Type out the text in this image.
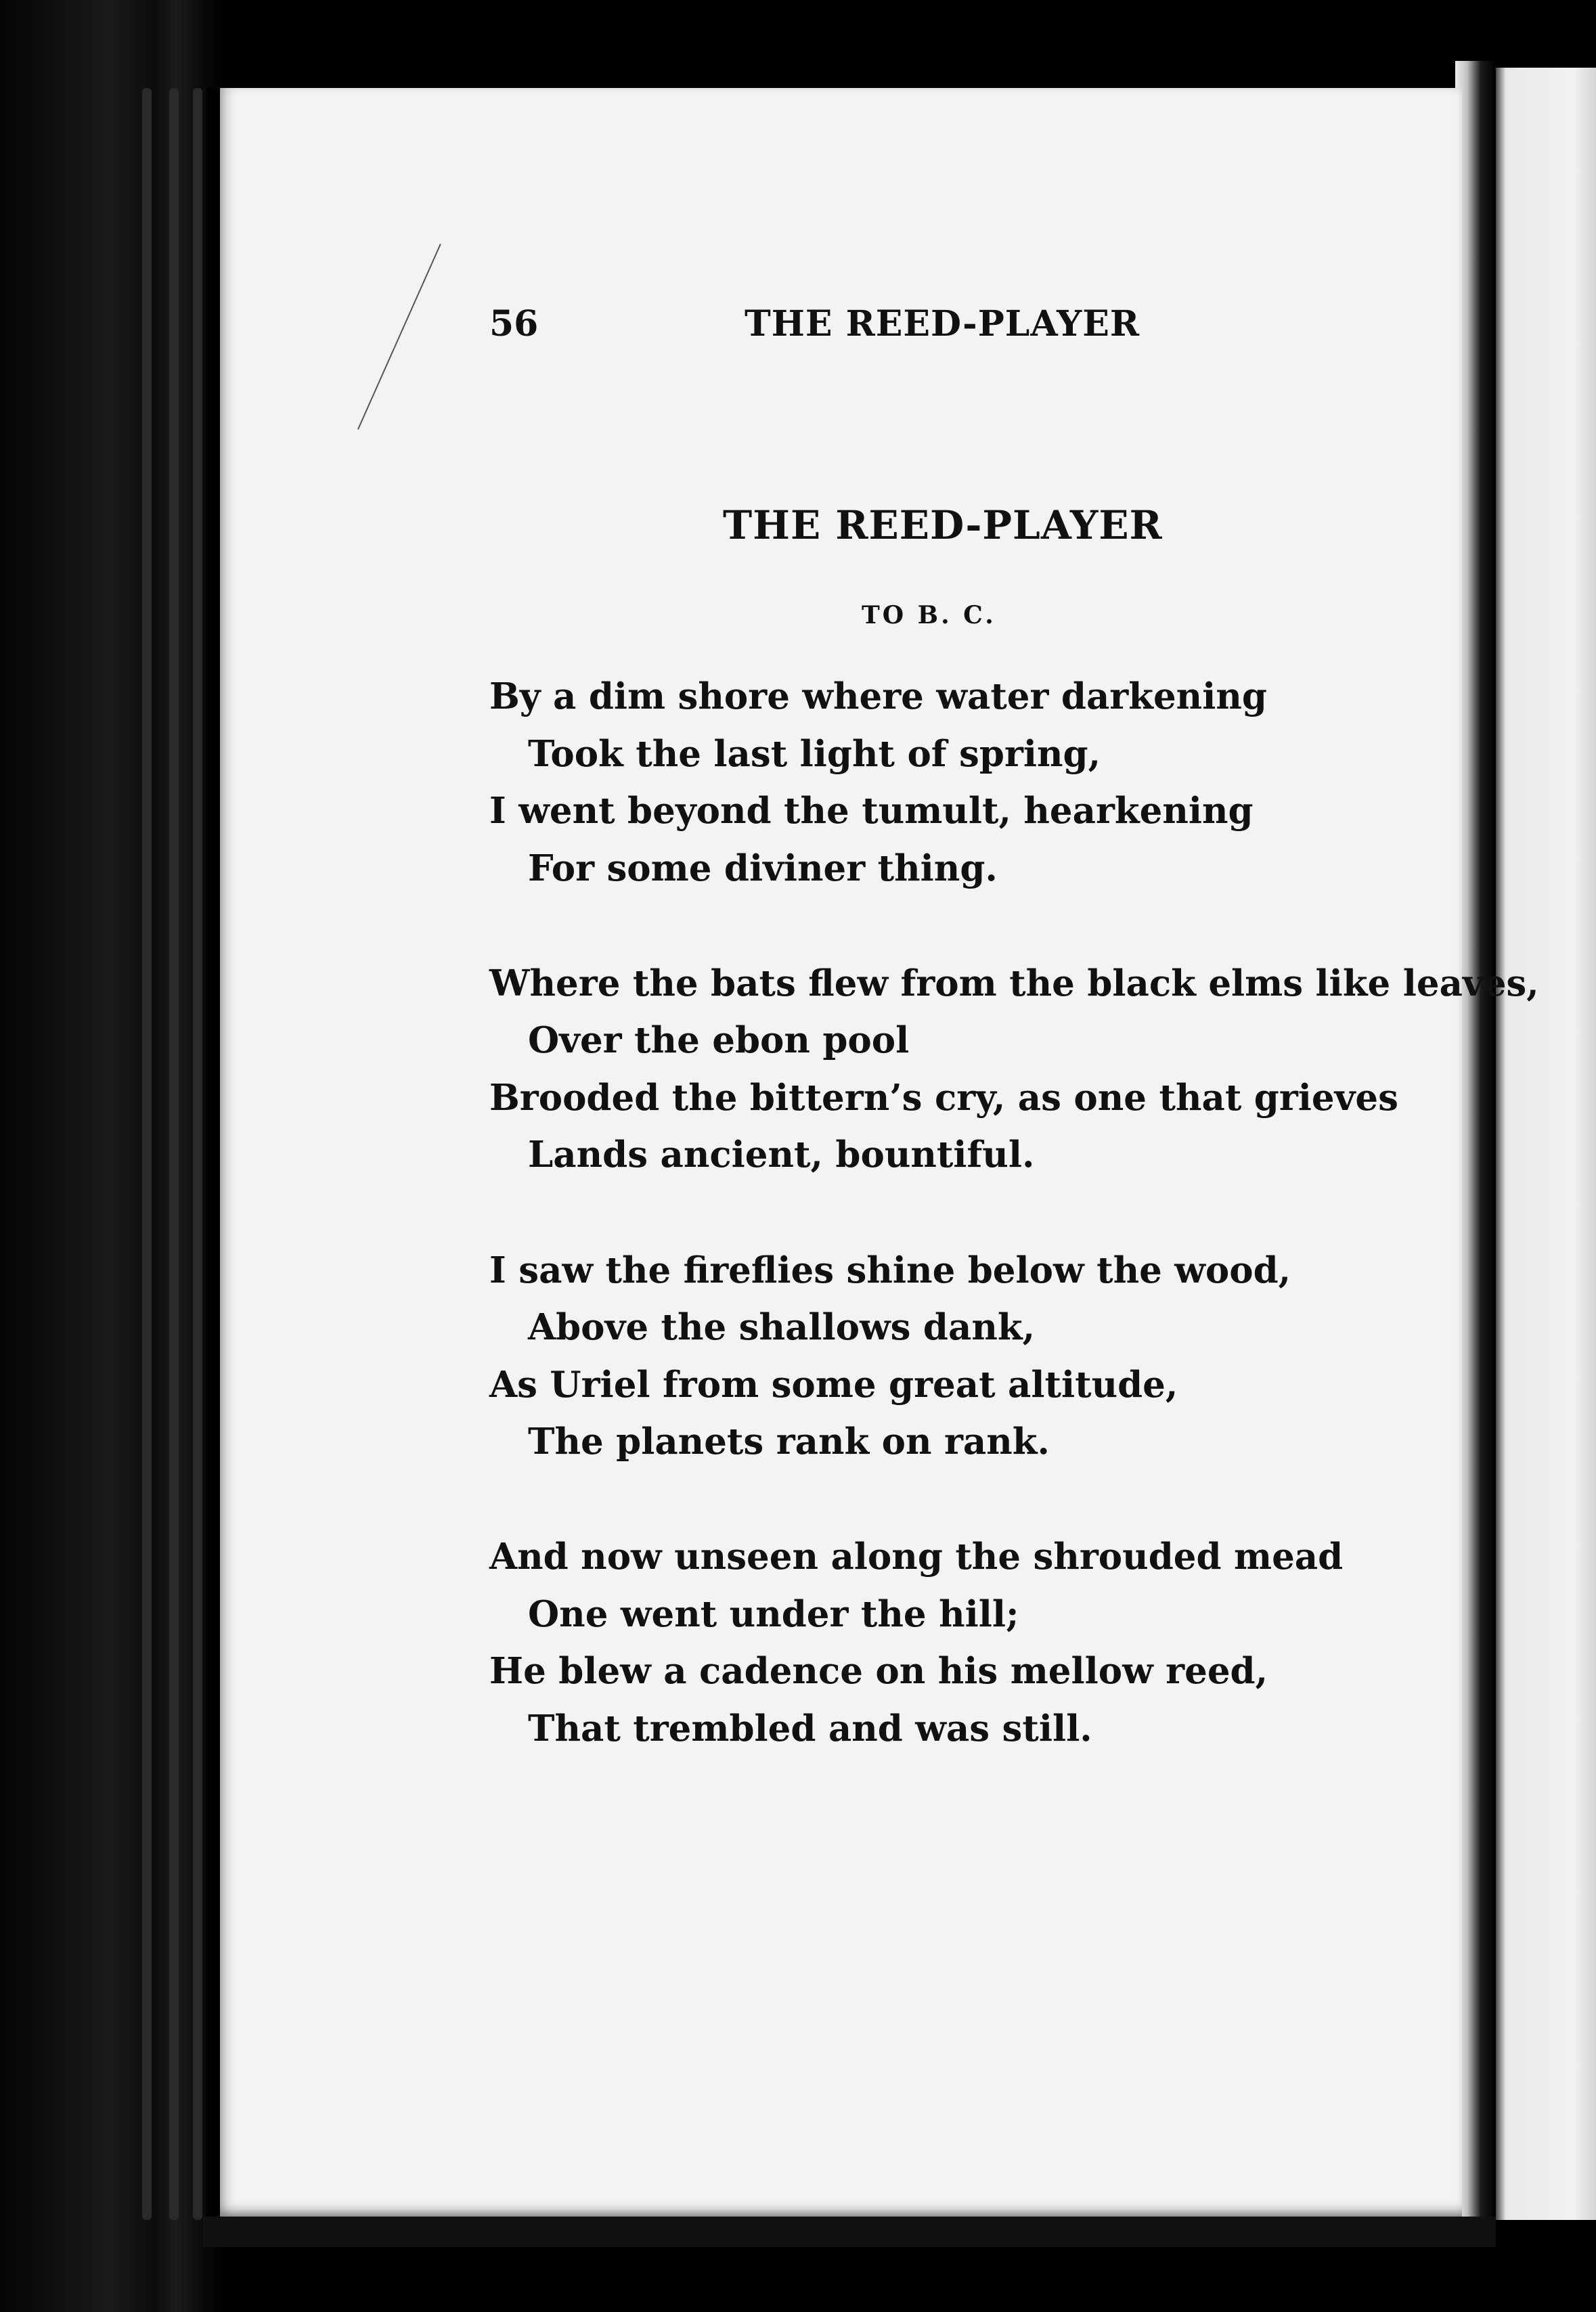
56	THE REED-PLAYER
THE REED-PLAYER
TO B. C.
By a dim shore where water darkening
Took the last light of spring,
I went beyond the tumult, hearkening
For some diviner thing.
Where the bats flew from the black elms like leaves,
Over the ebon pool
Brooded the bittern’s cry, as one that grieves
Lands ancient, bountiful.
I saw the fireflies shine below the wood,
Above the shallows dank,
As Uriel from some great altitude,
The planets rank on rank.
And now unseen along the shrouded mead
One went under the hill;
He blew a cadence on his mellow reed,
That trembled and was still.
